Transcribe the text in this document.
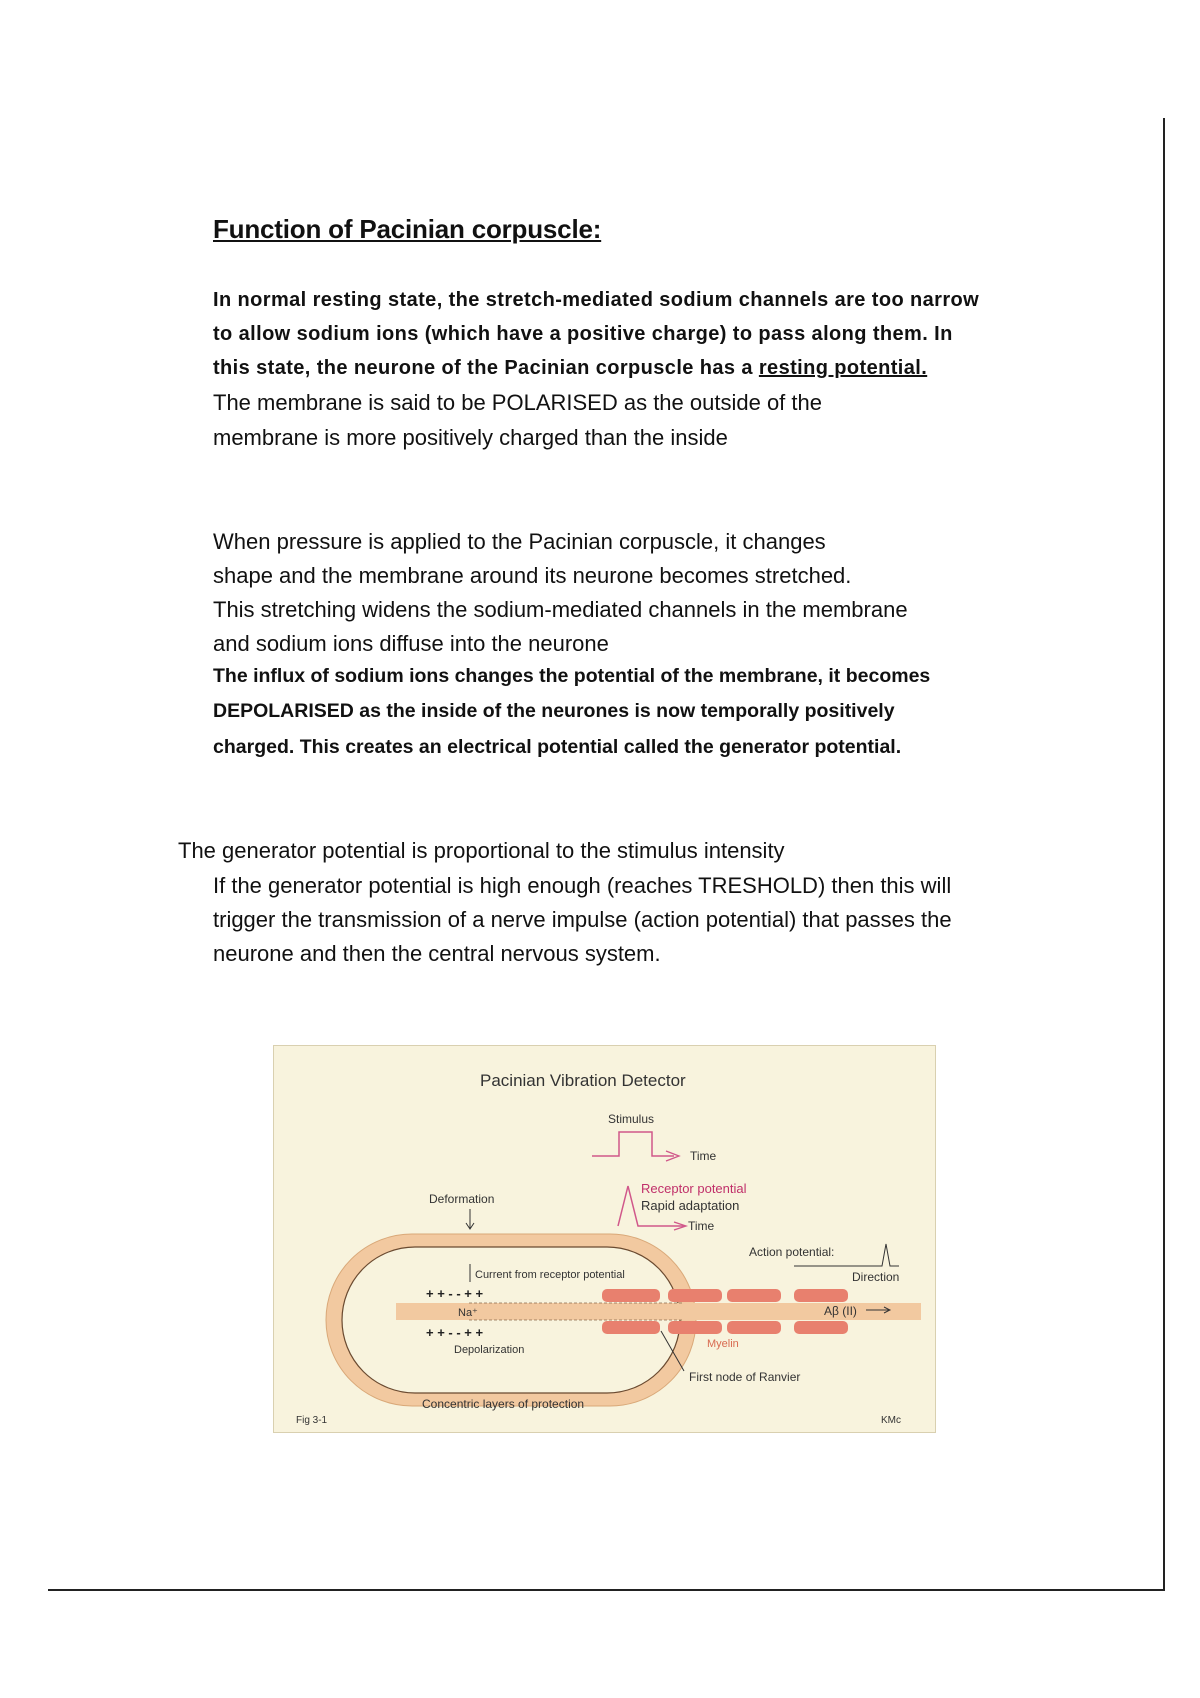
Function of Pacinian corpuscle:
In normal resting state, the stretch-mediated sodium channels are too narrow
to allow sodium ions (which have a positive charge) to pass along them. In
this state, the neurone of the Pacinian corpuscle has a resting potential.
The membrane is said to be POLARISED as the outside of the
membrane is more positively charged than the inside
When pressure is applied to the Pacinian corpuscle, it changes
shape and the membrane around its neurone becomes stretched.
This stretching widens the sodium-mediated channels in the membrane
and sodium ions diffuse into the neurone
The influx of sodium ions changes the potential of the membrane, it becomes
DEPOLARISED as the inside of the neurones is now temporally positively
charged. This creates an electrical potential called the generator potential.
The generator potential is proportional to the stimulus intensity
If the generator potential is high enough (reaches TRESHOLD) then this will
trigger the transmission of a nerve impulse (action potential) that passes the
neurone and then the central nervous system.
Pacinian Vibration Detector
Stimulus
Time
Receptor potential
Rapid adaptation
Time
Deformation
Action potential:
Direction
Current from receptor potential
+ + - - + +
Na⁺
+ + - - + +
Depolarization
Aβ (II)
Myelin
First node of Ranvier
Concentric layers of protection
Fig 3-1	KMc
